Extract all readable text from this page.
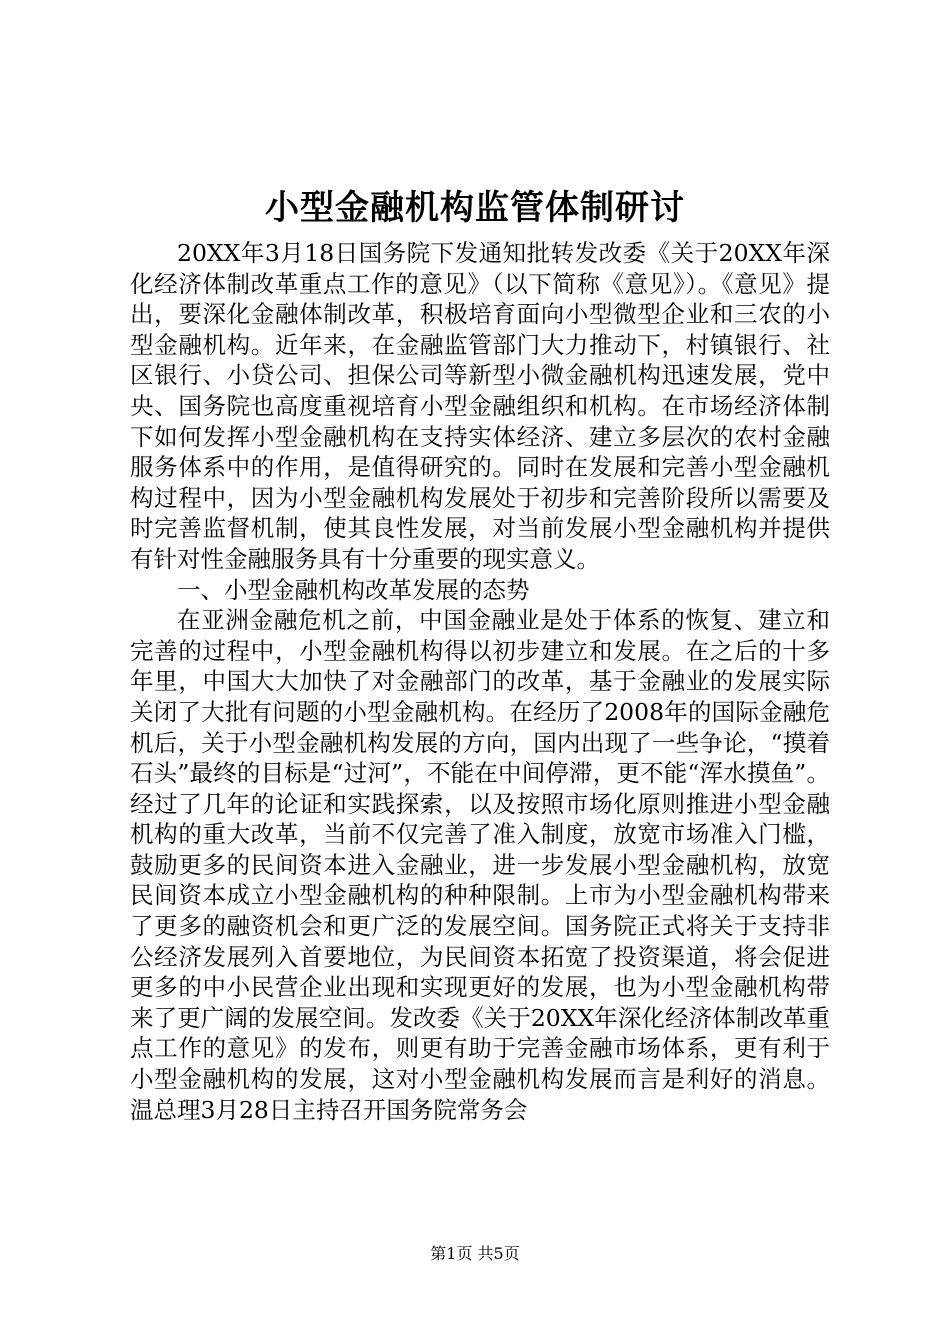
小型金融机构监管体制研讨

20XX年3月18日国务院下发通知批转发改委《关于20XX年深化经济体制改革重点工作的意见》（以下简称《意见》）。《意见》提出，要深化金融体制改革，积极培育面向小型微型企业和三农的小型金融机构。近年来，在金融监管部门大力推动下，村镇银行、社区银行、小贷公司、担保公司等新型小微金融机构迅速发展，党中央、国务院也高度重视培育小型金融组织和机构。在市场经济体制下如何发挥小型金融机构在支持实体经济、建立多层次的农村金融服务体系中的作用，是值得研究的。同时在发展和完善小型金融机构过程中，因为小型金融机构发展处于初步和完善阶段所以需要及时完善监督机制，使其良性发展，对当前发展小型金融机构并提供有针对性金融服务具有十分重要的现实意义。

一、小型金融机构改革发展的态势

在亚洲金融危机之前，中国金融业是处于体系的恢复、建立和完善的过程中，小型金融机构得以初步建立和发展。在之后的十多年里，中国大大加快了对金融部门的改革，基于金融业的发展实际关闭了大批有问题的小型金融机构。在经历了2008年的国际金融危机后，关于小型金融机构发展的方向，国内出现了一些争论，“摸着石头”最终的目标是“过河”，不能在中间停滞，更不能“浑水摸鱼”。经过了几年的论证和实践探索，以及按照市场化原则推进小型金融机构的重大改革，当前不仅完善了准入制度，放宽市场准入门槛，鼓励更多的民间资本进入金融业，进一步发展小型金融机构，放宽民间资本成立小型金融机构的种种限制。上市为小型金融机构带来了更多的融资机会和更广泛的发展空间。国务院正式将关于支持非公经济发展列入首要地位，为民间资本拓宽了投资渠道，将会促进更多的中小民营企业出现和实现更好的发展，也为小型金融机构带来了更广阔的发展空间。发改委《关于20XX年深化经济体制改革重点工作的意见》的发布，则更有助于完善金融市场体系，更有利于小型金融机构的发展，这对小型金融机构发展而言是利好的消息。温总理3月28日主持召开国务院常务会

第1页 共5页
